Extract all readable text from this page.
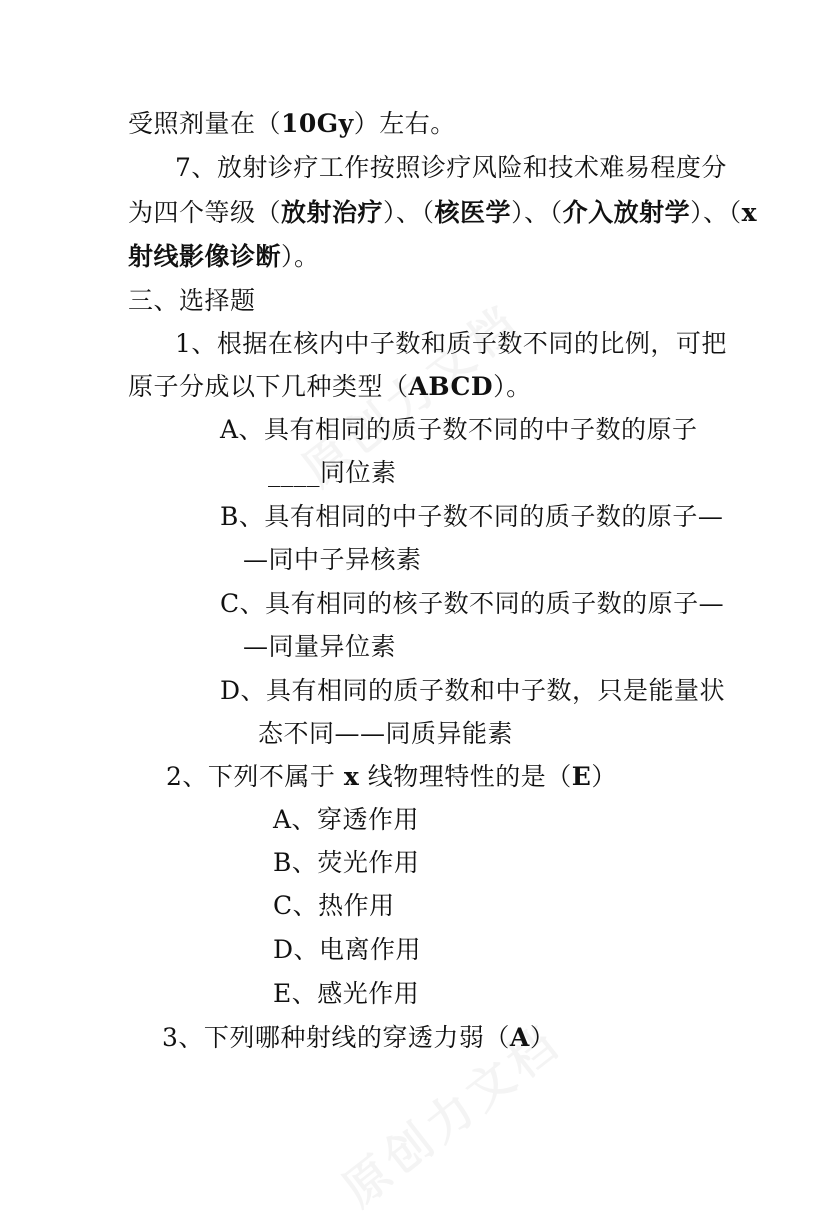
受照剂量在（10Gy）左右。
7、放射诊疗工作按照诊疗风险和技术难易程度分
为四个等级（放射治疗）、（核医学）、（介入放射学）、（x
射线影像诊断）。
三、选择题
1、根据在核内中子数和质子数不同的比例，可把
原子分成以下几种类型（ABCD）。
A、具有相同的质子数不同的中子数的原子
____同位素
B、具有相同的中子数不同的质子数的原子—
—同中子异核素
C、具有相同的核子数不同的质子数的原子—
—同量异位素
D、具有相同的质子数和中子数，只是能量状
态不同——同质异能素
2、下列不属于 x 线物理特性的是（E）
A、穿透作用
B、荧光作用
C、热作用
D、电离作用
E、感光作用
3、下列哪种射线的穿透力弱（A）
